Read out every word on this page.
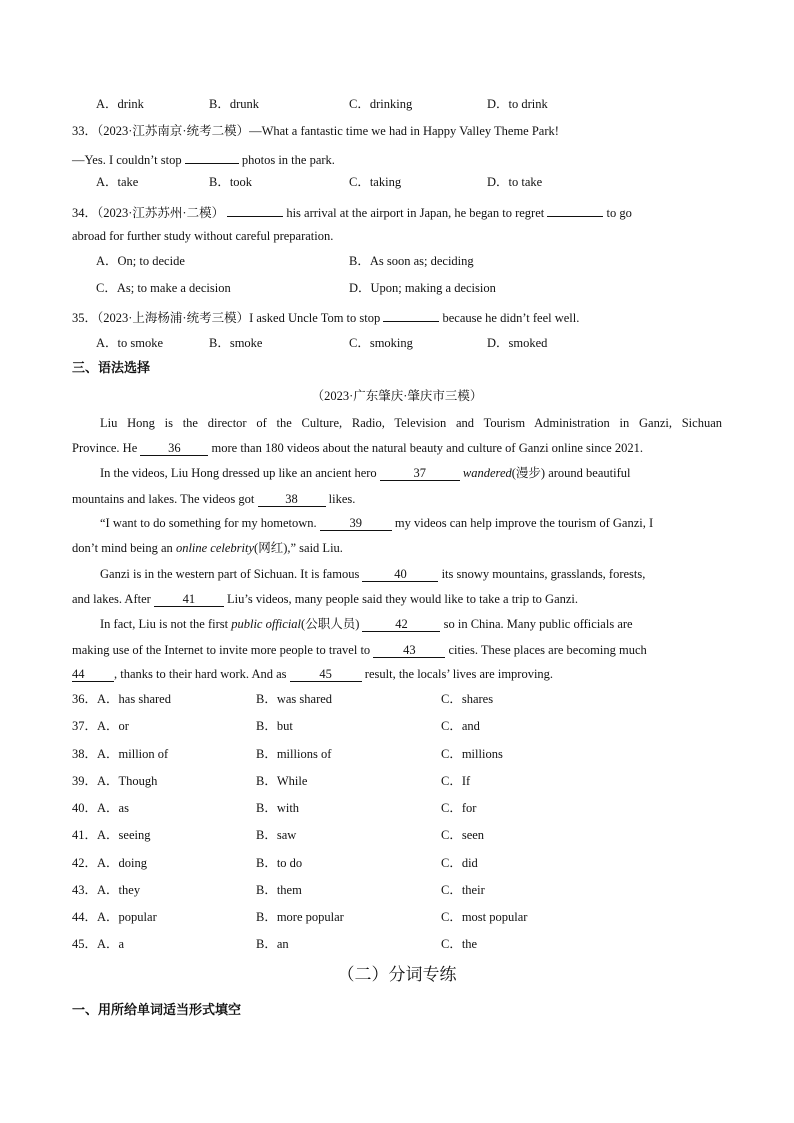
A．drink	B．drunk	C．drinking	D．to drink
33．（2023·江苏南京·统考二模）—What a fantastic time we had in Happy Valley Theme Park!
—Yes. I couldn’t stop	photos in the park.
A．take	B．took	C．taking	D．to take
34．（2023·江苏苏州·二模）	his arrival at the airport in Japan, he began to regret	to go
abroad for further study without careful preparation.
A．On; to decide	B．As soon as; deciding
C．As; to make a decision	D．Upon; making a decision
35．（2023·上海杨浦·统考三模）I asked Uncle Tom to stop	because he didn’t feel well.
A．to smoke	B．smoke	C．smoking	D．smoked
三、语法选择
（2023·广东肇庆·肇庆市三模）
Liu Hong is the director of the Culture, Radio, Television and Tourism Administration in Ganzi, Sichuan
Province. He 36 more than 180 videos about the natural beauty and culture of Ganzi online since 2021.
In the videos, Liu Hong dressed up like an ancient hero	37	wandered(漫步) around beautiful
mountains and lakes. The videos got 38 likes.
“I want to do something for my hometown.	39	my videos can help improve the tourism of Ganzi, I
don’t mind being an online celebrity(网红),” said Liu.
Ganzi is in the western part of Sichuan. It is famous	40	its snowy mountains, grasslands, forests,
and lakes. After	41	Liu’s videos, many people said they would like to take a trip to Ganzi.
In fact, Liu is not the first public official(公职人员)	42	so in China. Many public officials are
making use of the Internet to invite more people to travel to	43	cities. These places are becoming much
44 , thanks to their hard work. And as	45	result, the locals’ lives are improving.
36．A．has shared	B．was shared	C．shares
37．A．or	B．but	C．and
38．A．million of	B．millions of	C．millions
39．A．Though	B．While	C．If
40．A．as	B．with	C．for
41．A．seeing	B．saw	C．seen
42．A．doing	B．to do	C．did
43．A．they	B．them	C．their
44．A．popular	B．more popular	C．most popular
45．A．a	B．an	C．the
（二）分词专练
一、用所给单词适当形式填空
